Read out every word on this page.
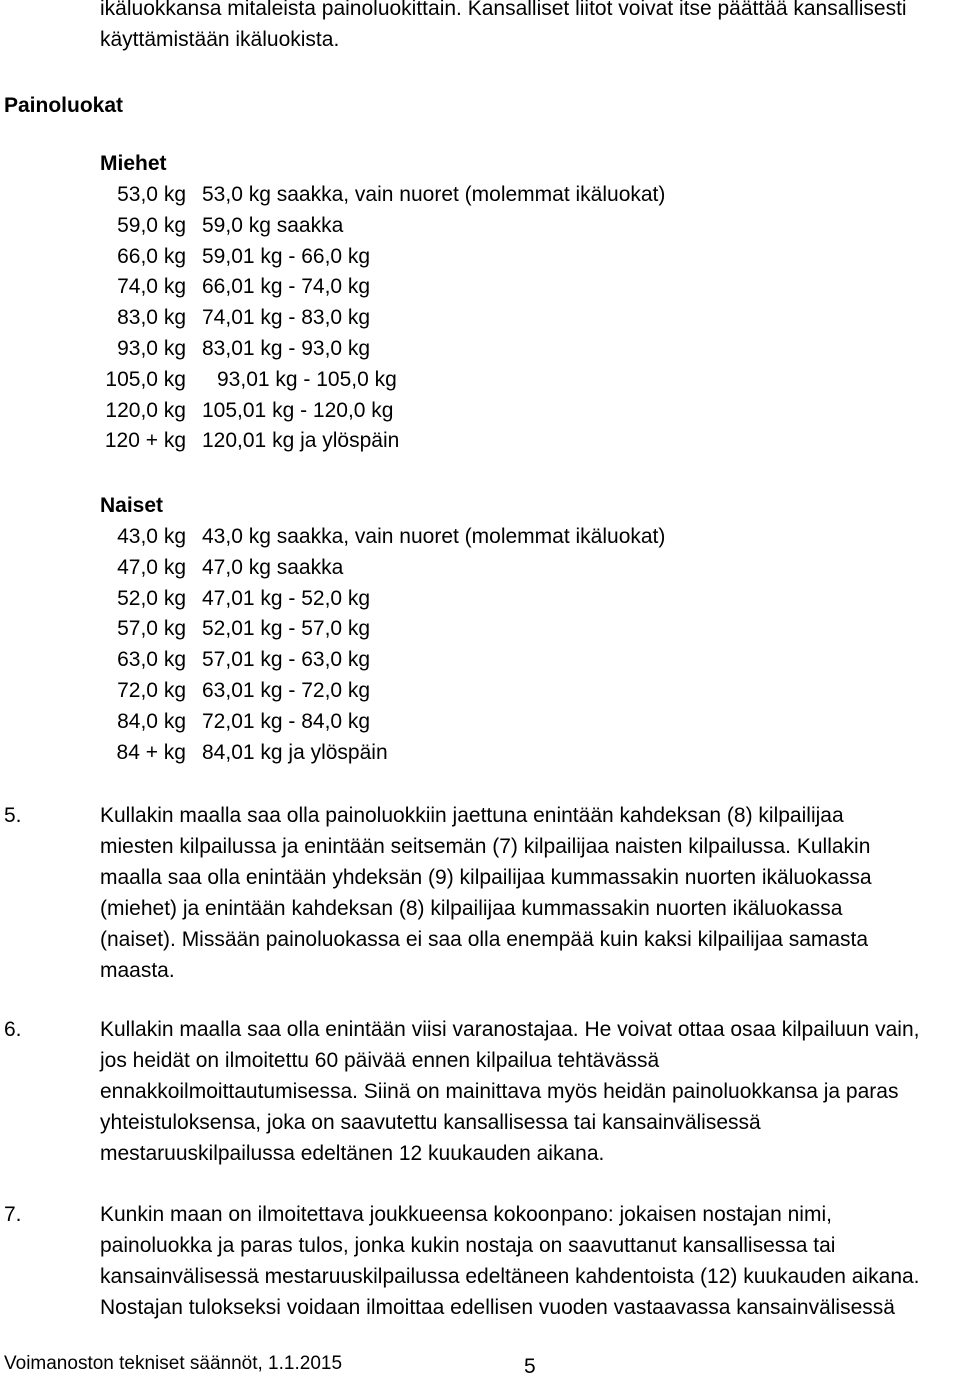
ikäluokkansa mitaleista painoluokittain. Kansalliset liitot voivat itse päättää kansallisesti
käyttämistään ikäluokista.
Painoluokat
Miehet
53,0 kg 53,0 kg saakka, vain nuoret (molemmat ikäluokat)
59,0 kg 59,0 kg saakka
66,0 kg 59,01 kg - 66,0 kg
74,0 kg 66,01 kg - 74,0 kg
83,0 kg 74,01 kg - 83,0 kg
93,0 kg 83,01 kg - 93,0 kg
105,0 kg 93,01 kg - 105,0 kg
120,0 kg 105,01 kg - 120,0 kg
120 + kg 120,01 kg ja ylöspäin
Naiset
43,0 kg 43,0 kg saakka, vain nuoret (molemmat ikäluokat)
47,0 kg 47,0 kg saakka
52,0 kg 47,01 kg - 52,0 kg
57,0 kg 52,01 kg - 57,0 kg
63,0 kg 57,01 kg - 63,0 kg
72,0 kg 63,01 kg - 72,0 kg
84,0 kg 72,01 kg - 84,0 kg
84 + kg 84,01 kg ja ylöspäin
5.	Kullakin maalla saa olla painoluokkiin jaettuna enintään kahdeksan (8) kilpailijaa
miesten kilpailussa ja enintään seitsemän (7) kilpailijaa naisten kilpailussa. Kullakin
maalla saa olla enintään yhdeksän (9) kilpailijaa kummassakin nuorten ikäluokassa
(miehet) ja enintään kahdeksan (8) kilpailijaa kummassakin nuorten ikäluokassa
(naiset). Missään painoluokassa ei saa olla enempää kuin kaksi kilpailijaa samasta
maasta.
6.	Kullakin maalla saa olla enintään viisi varanostajaa. He voivat ottaa osaa kilpailuun vain,
jos heidät on ilmoitettu 60 päivää ennen kilpailua tehtävässä
ennakkoilmoittautumisessa. Siinä on mainittava myös heidän painoluokkansa ja paras
yhteistuloksensa, joka on saavutettu kansallisessa tai kansainvälisessä
mestaruuskilpailussa edeltänen 12 kuukauden aikana.
7.	Kunkin maan on ilmoitettava joukkueensa kokoonpano: jokaisen nostajan nimi,
painoluokka ja paras tulos, jonka kukin nostaja on saavuttanut kansallisessa tai
kansainvälisessä mestaruuskilpailussa edeltäneen kahdentoista (12) kuukauden aikana.
Nostajan tulokseksi voidaan ilmoittaa edellisen vuoden vastaavassa kansainvälisessä
Voimanoston tekniset säännöt, 1.1.2015	5
